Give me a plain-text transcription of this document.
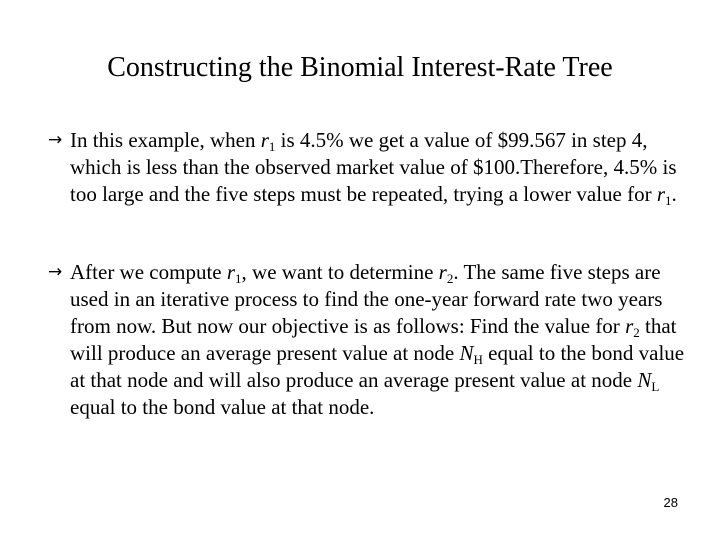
Constructing the Binomial Interest-Rate Tree
→ In this example, when $r_1$ is 4.5% we get a value of $99.567 in step 4, which is less than the observed market value of $100.Therefore, 4.5% is too large and the five steps must be repeated, trying a lower value for $r_1$.
→ After we compute $r_1$, we want to determine $r_2$. The same five steps are used in an iterative process to find the one-year forward rate two years from now. But now our objective is as follows: Find the value for $r_2$ that will produce an average present value at node $N_H$ equal to the bond value at that node and will also produce an average present value at node $N_L$ equal to the bond value at that node.
28
